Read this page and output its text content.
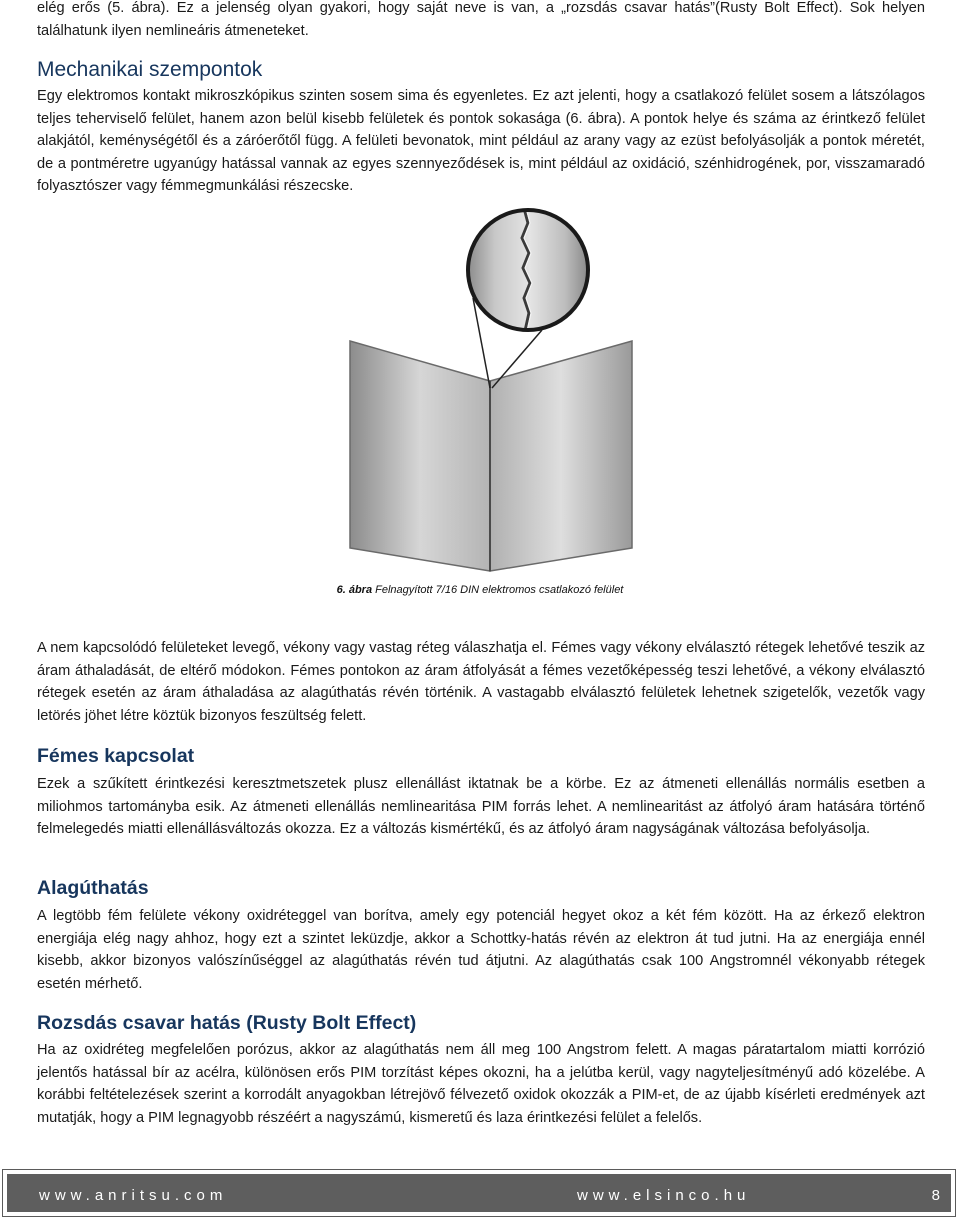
elég erős (5. ábra). Ez a jelenség olyan gyakori, hogy saját neve is van, a „rozsdás csavar hatás”(Rusty Bolt Effect). Sok helyen találhatunk ilyen nemlineáris átmeneteket.

Mechanikai szempontok

Egy elektromos kontakt mikroszkópikus szinten sosem sima és egyenletes. Ez azt jelenti, hogy a csatlakozó felület sosem a látszólagos teljes teherviselő felület, hanem azon belül kisebb felületek és pontok sokasága (6. ábra). A pontok helye és száma az érintkező felület alakjától, keménységétől és a záróerőtől függ. A felületi bevonatok, mint például az arany vagy az ezüst befolyásolják a pontok méretét, de a pontméretre ugyanúgy hatással vannak az egyes szennyeződések is, mint például az oxidáció, szénhidrogének, por, visszamaradó folyasztószer vagy fémmegmunkálási részecske.

6. ábra Felnagyított 7/16 DIN elektromos csatlakozó felület

A nem kapcsolódó felületeket levegő, vékony vagy vastag réteg válaszhatja el. Fémes vagy vékony elválasztó rétegek lehetővé teszik az áram áthaladását, de eltérő módokon. Fémes pontokon az áram átfolyását a fémes vezetőképesség teszi lehetővé, a vékony elválasztó rétegek esetén az áram áthaladása az alagúthatás révén történik. A vastagabb elválasztó felületek lehetnek szigetelők, vezetők vagy letörés jöhet létre köztük bizonyos feszültség felett.

Fémes kapcsolat

Ezek a szűkített érintkezési keresztmetszetek plusz ellenállást iktatnak be a körbe. Ez az átmeneti ellenállás normális esetben a miliohmos tartományba esik. Az átmeneti ellenállás nemlinearitása PIM forrás lehet. A nemlinearitást az átfolyó áram hatására történő felmelegedés miatti ellenállásváltozás okozza. Ez a változás kismértékű, és az átfolyó áram nagyságának változása befolyásolja.

Alagúthatás

A legtöbb fém felülete vékony oxidréteggel van borítva, amely egy potenciál hegyet okoz a két fém között. Ha az érkező elektron energiája elég nagy ahhoz, hogy ezt a szintet leküzdje, akkor a Schottky-hatás révén az elektron át tud jutni. Ha az energiája ennél kisebb, akkor bizonyos valószínűséggel az alagúthatás révén tud átjutni. Az alagúthatás csak 100 Angstromnél vékonyabb rétegek esetén mérhető.

Rozsdás csavar hatás (Rusty Bolt Effect)

Ha az oxidréteg megfelelően porózus, akkor az alagúthatás nem áll meg 100 Angstrom felett. A magas páratartalom miatti korrózió jelentős hatással bír az acélra, különösen erős PIM torzítást képes okozni, ha a jelútba kerül, vagy nagyteljesítményű adó közelébe. A korábbi feltételezések szerint a korrodált anyagokban létrejövő félvezető oxidok okozzák a PIM-et, de az újabb kísérleti eredmények azt mutatják, hogy a PIM legnagyobb részéért a nagyszámú, kismeretű és laza érintkezési felület a felelős.

www.anritsu.com	www.elsinco.hu	8
